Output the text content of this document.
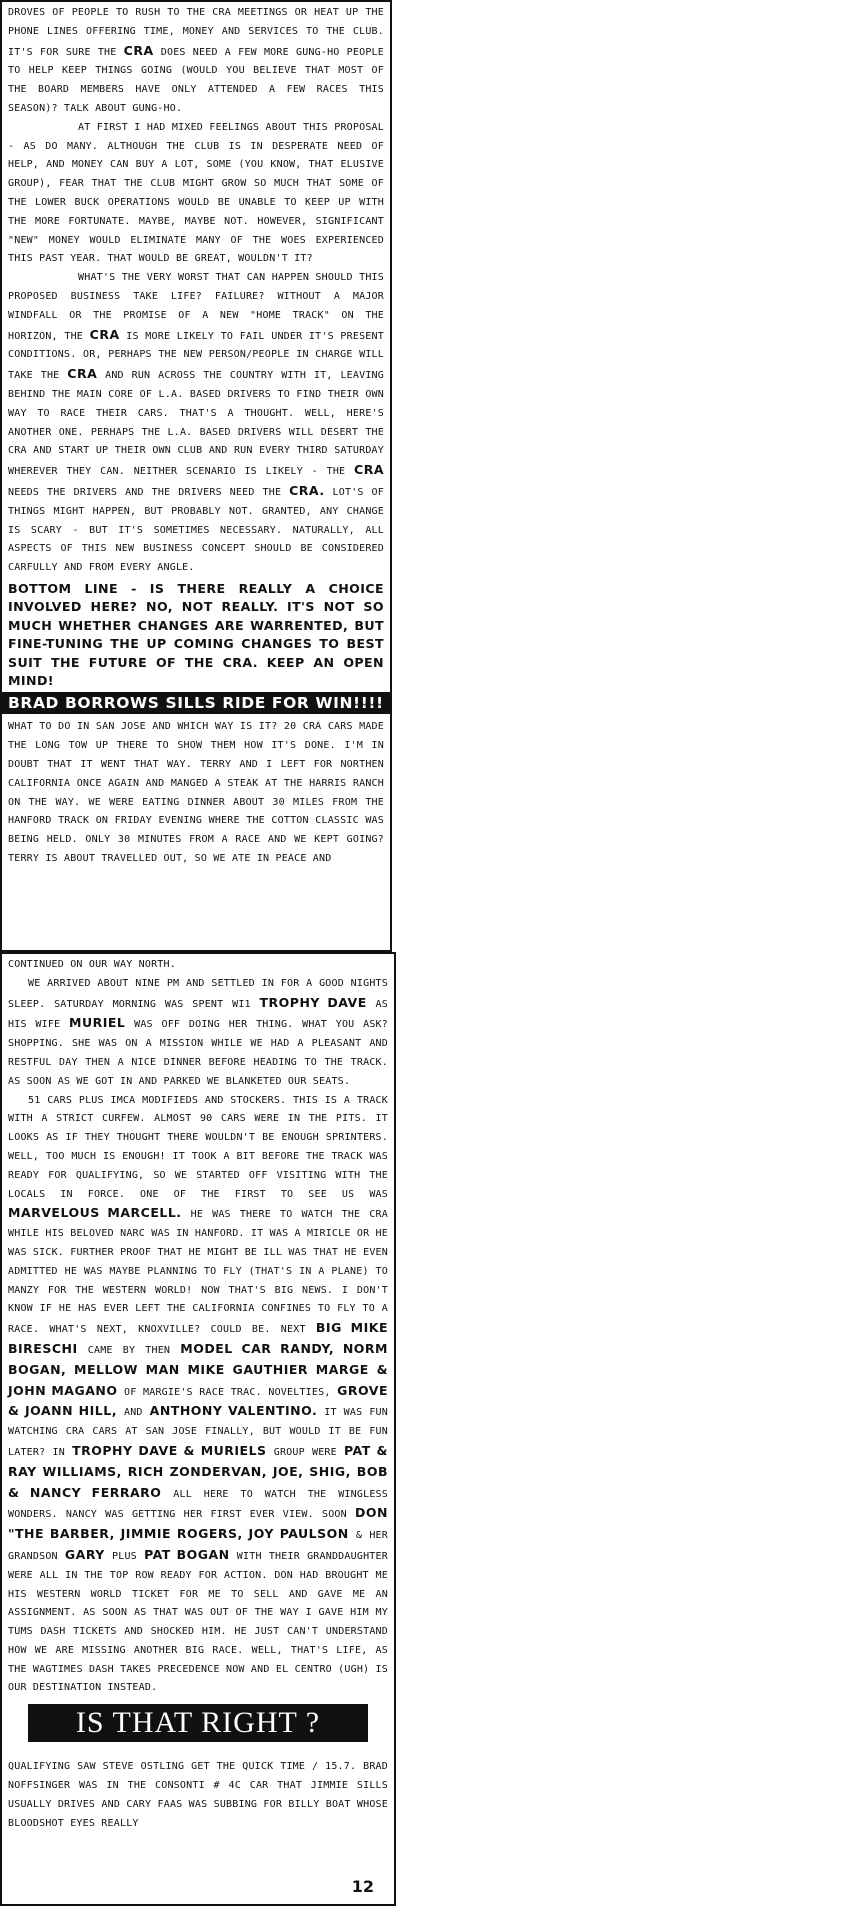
DROVES OF PEOPLE TO RUSH TO THE CRA MEETINGS OR HEAT UP THE PHONE LINES OFFERING TIME, MONEY AND SERVICES TO THE CLUB. IT'S FOR SURE THE CRA DOES NEED A FEW MORE GUNG-HO PEOPLE TO HELP KEEP THINGS GOING (WOULD YOU BELIEVE THAT MOST OF THE BOARD MEMBERS HAVE ONLY ATTENDED A FEW RACES THIS SEASON)? TALK ABOUT GUNG-HO.

AT FIRST I HAD MIXED FEELINGS ABOUT THIS PROPOSAL - AS DO MANY. ALTHOUGH THE CLUB IS IN DESPERATE NEED OF HELP, AND MONEY CAN BUY A LOT, SOME (YOU KNOW, THAT ELUSIVE GROUP), FEAR THAT THE CLUB MIGHT GROW SO MUCH THAT SOME OF THE LOWER BUCK OPERATIONS WOULD BE UNABLE TO KEEP UP WITH THE MORE FORTUNATE. MAYBE, MAYBE NOT. HOWEVER, SIGNIFICANT "NEW" MONEY WOULD ELIMINATE MANY OF THE WOES EXPERIENCED THIS PAST YEAR. THAT WOULD BE GREAT, WOULDN'T IT?

WHAT'S THE VERY WORST THAT CAN HAPPEN SHOULD THIS PROPOSED BUSINESS TAKE LIFE? FAILURE? WITHOUT A MAJOR WINDFALL OR THE PROMISE OF A NEW "HOME TRACK" ON THE HORIZON, THE CRA IS MORE LIKELY TO FAIL UNDER IT'S PRESENT CONDITIONS. OR, PERHAPS THE NEW PERSON/PEOPLE IN CHARGE WILL TAKE THE CRA AND RUN ACROSS THE COUNTRY WITH IT, LEAVING BEHIND THE MAIN CORE OF L.A. BASED DRIVERS TO FIND THEIR OWN WAY TO RACE THEIR CARS. THAT'S A THOUGHT. WELL, HERE'S ANOTHER ONE. PERHAPS THE L.A. BASED DRIVERS WILL DESERT THE CRA AND START UP THEIR OWN CLUB AND RUN EVERY THIRD SATURDAY WHEREVER THEY CAN. NEITHER SCENARIO IS LIKELY - THE CRA NEEDS THE DRIVERS AND THE DRIVERS NEED THE CRA. LOT'S OF THINGS MIGHT HAPPEN, BUT PROBABLY NOT. GRANTED, ANY CHANGE IS SCARY - BUT IT'S SOMETIMES NECESSARY. NATURALLY, ALL ASPECTS OF THIS NEW BUSINESS CONCEPT SHOULD BE CONSIDERED CARFULLY AND FROM EVERY ANGLE.

BOTTOM LINE - IS THERE REALLY A CHOICE INVOLVED HERE? NO, NOT REALLY. IT'S NOT SO MUCH WHETHER CHANGES ARE WARRENTED, BUT FINE-TUNING THE UP COMING CHANGES TO BEST SUIT THE FUTURE OF THE CRA. KEEP AN OPEN MIND!
BRAD BORROWS SILLS RIDE FOR WIN!!!!

WHAT TO DO IN SAN JOSE AND WHICH WAY IS IT? 20 CRA CARS MADE THE LONG TOW UP THERE TO SHOW THEM HOW IT'S DONE. I'M IN DOUBT THAT IT WENT THAT WAY. TERRY AND I LEFT FOR NORTHEN CALIFORNIA ONCE AGAIN AND MANGED A STEAK AT THE HARRIS RANCH ON THE WAY. WE WERE EATING DINNER ABOUT 30 MILES FROM THE HANFORD TRACK ON FRIDAY EVENING WHERE THE COTTON CLASSIC WAS BEING HELD. ONLY 30 MINUTES FROM A RACE AND WE KEPT GOING? TERRY IS ABOUT TRAVELLED OUT, SO WE ATE IN PEACE AND

CONTINUED ON OUR WAY NORTH.

WE ARRIVED ABOUT NINE PM AND SETTLED IN FOR A GOOD NIGHTS SLEEP. SATURDAY MORNING WAS SPENT WI1 TROPHY DAVE AS HIS WIFE MURIEL WAS OFF DOING HER THING. WHAT YOU ASK? SHOPPING. SHE WAS ON A MISSION WHILE WE HAD A PLEASANT AND RESTFUL DAY THEN A NICE DINNER BEFORE HEADING TO THE TRACK. AS SOON AS WE GOT IN AND PARKED WE BLANKETED OUR SEATS.

51 CARS PLUS IMCA MODIFIEDS AND STOCKERS. THIS IS A TRACK WITH A STRICT CURFEW. ALMOST 90 CARS WERE IN THE PITS. IT LOOKS AS IF THEY THOUGHT THERE WOULDN'T BE ENOUGH SPRINTERS. WELL, TOO MUCH IS ENOUGH! IT TOOK A BIT BEFORE THE TRACK WAS READY FOR QUALIFYING, SO WE STARTED OFF VISITING WITH THE LOCALS IN FORCE. ONE OF THE FIRST TO SEE US WAS MARVELOUS MARCELL. HE WAS THERE TO WATCH THE CRA WHILE HIS BELOVED NARC WAS IN HANFORD. IT WAS A MIRICLE OR HE WAS SICK. FURTHER PROOF THAT HE MIGHT BE ILL WAS THAT HE EVEN ADMITTED HE WAS MAYBE PLANNING TO FLY (THAT'S IN A PLANE) TO MANZY FOR THE WESTERN WORLD! NOW THAT'S BIG NEWS. I DON'T KNOW IF HE HAS EVER LEFT THE CALIFORNIA CONFINES TO FLY TO A RACE. WHAT'S NEXT, KNOXVILLE? COULD BE. NEXT BIG MIKE BIRESCHI CAME BY THEN MODEL CAR RANDY, NORM BOGAN, MELLOW MAN MIKE GAUTHIER MARGE & JOHN MAGANO OF MARGIE'S RACE TRAC. NOVELTIES, GROVE & JOANN HILL, AND ANTHONY VALENTINO. IT WAS FUN WATCHING CRA CARS AT SAN JOSE FINALLY, BUT WOULD IT BE FUN LATER? IN TROPHY DAVE & MURIELS GROUP WERE PAT & RAY WILLIAMS, RICH ZONDERVAN, JOE, SHIG, BOB & NANCY FERRARO ALL HERE TO WATCH THE WINGLESS WONDERS. NANCY WAS GETTING HER FIRST EVER VIEW. SOON DON "THE BARBER, JIMMIE ROGERS, JOY PAULSON & HER GRANDSON GARY PLUS PAT BOGAN WITH THEIR GRANDDAUGHTER WERE ALL IN THE TOP ROW READY FOR ACTION. DON HAD BROUGHT ME HIS WESTERN WORLD TICKET FOR ME TO SELL AND GAVE ME AN ASSIGNMENT. AS SOON AS THAT WAS OUT OF THE WAY I GAVE HIM MY TUMS DASH TICKETS AND SHOCKED HIM. HE JUST CAN'T UNDERSTAND HOW WE ARE MISSING ANOTHER BIG RACE. WELL, THAT'S LIFE, AS THE WAGTIMES DASH TAKES PRECEDENCE NOW AND EL CENTRO (UGH) IS OUR DESTINATION INSTEAD.

IS THAT RIGHT ?

QUALIFYING SAW STEVE OSTLING GET THE QUICK TIME / 15.7. BRAD NOFFSINGER WAS IN THE CONSONTI # 4C CAR THAT JIMMIE SILLS USUALLY DRIVES AND CARY FAAS WAS SUBBING FOR BILLY BOAT WHOSE BLOODSHOT EYES REALLY

12
